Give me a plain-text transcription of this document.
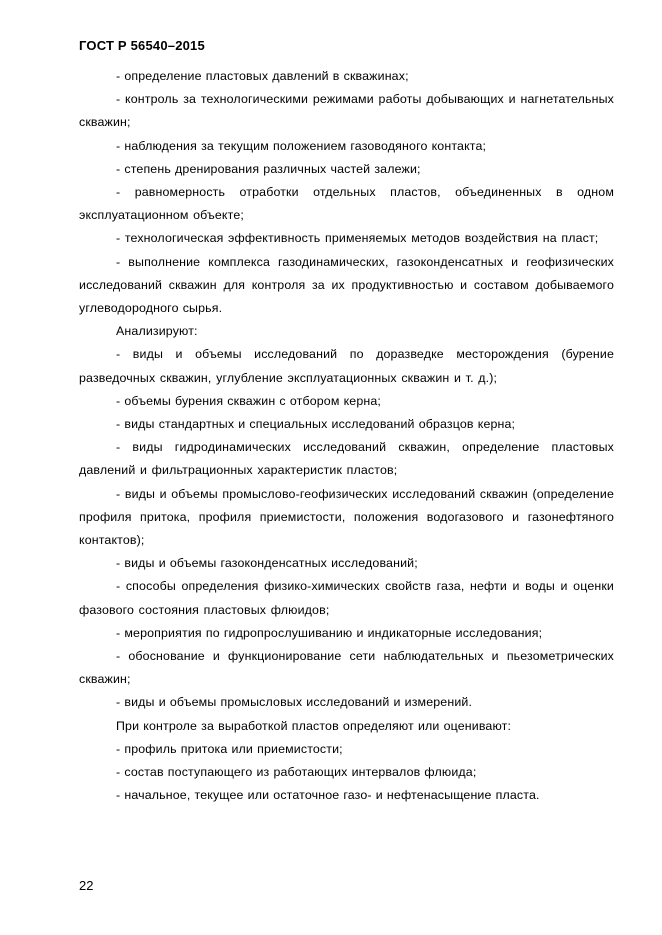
ГОСТ Р 56540–2015

- определение пластовых давлений в скважинах;

- контроль за технологическими режимами работы добывающих и нагнетательных скважин;

- наблюдения за текущим положением газоводяного контакта;

- степень дренирования различных частей залежи;

- равномерность отработки отдельных пластов, объединенных в одном эксплуатационном объекте;

- технологическая эффективность применяемых методов воздействия на пласт;

- выполнение комплекса газодинамических, газоконденсатных и геофизических исследований скважин для контроля за их продуктивностью и составом добываемого углеводородного сырья.

Анализируют:

- виды и объемы исследований по доразведке месторождения (бурение разведочных скважин, углубление эксплуатационных скважин и т. д.);

- объемы бурения скважин с отбором керна;

- виды стандартных и специальных исследований образцов керна;

- виды гидродинамических исследований скважин, определение пластовых давлений и фильтрационных характеристик пластов;

- виды и объемы промыслово-геофизических исследований скважин (определение профиля притока, профиля приемистости, положения водогазового и газонефтяного контактов);

- виды и объемы газоконденсатных исследований;

- способы определения физико-химических свойств газа, нефти и воды и оценки фазового состояния пластовых флюидов;

- мероприятия по гидропрослушиванию и индикаторные исследования;

- обоснование и функционирование сети наблюдательных и пьезометрических скважин;

- виды и объемы промысловых исследований и измерений.

При контроле за выработкой пластов определяют или оценивают:

- профиль притока или приемистости;

- состав поступающего из работающих интервалов флюида;

- начальное, текущее или остаточное газо- и нефтенасыщение пласта.

22
